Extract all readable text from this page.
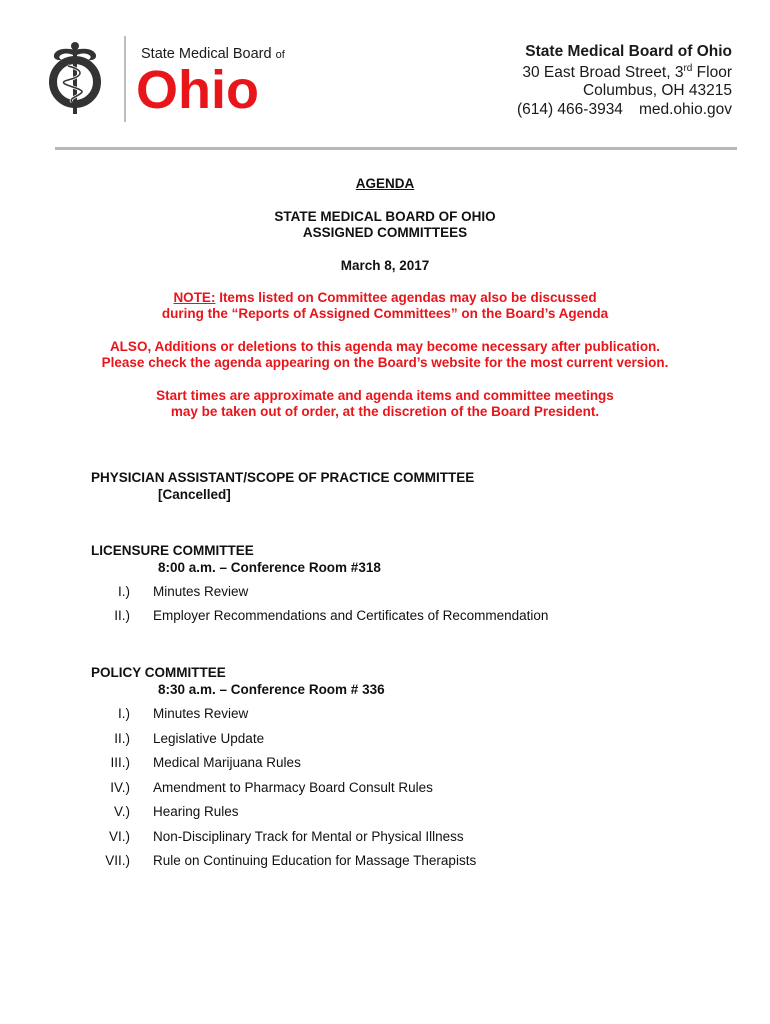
State Medical Board of
Ohio
State Medical Board of Ohio
30 East Broad Street, 3rd Floor
Columbus, OH 43215
(614) 466-3934 med.ohio.gov
AGENDA
STATE MEDICAL BOARD OF OHIO
ASSIGNED COMMITTEES
March 8, 2017
NOTE: Items listed on Committee agendas may also be discussed
during the “Reports of Assigned Committees” on the Board’s Agenda
ALSO, Additions or deletions to this agenda may become necessary after publication.
Please check the agenda appearing on the Board’s website for the most current version.
Start times are approximate and agenda items and committee meetings
may be taken out of order, at the discretion of the Board President.
PHYSICIAN ASSISTANT/SCOPE OF PRACTICE COMMITTEE
[Cancelled]
LICENSURE COMMITTEE
8:00 a.m. – Conference Room #318
I.) Minutes Review
II.) Employer Recommendations and Certificates of Recommendation
POLICY COMMITTEE
8:30 a.m. – Conference Room # 336
I.) Minutes Review
II.) Legislative Update
III.) Medical Marijuana Rules
IV.) Amendment to Pharmacy Board Consult Rules
V.) Hearing Rules
VI.) Non-Disciplinary Track for Mental or Physical Illness
VII.) Rule on Continuing Education for Massage Therapists
